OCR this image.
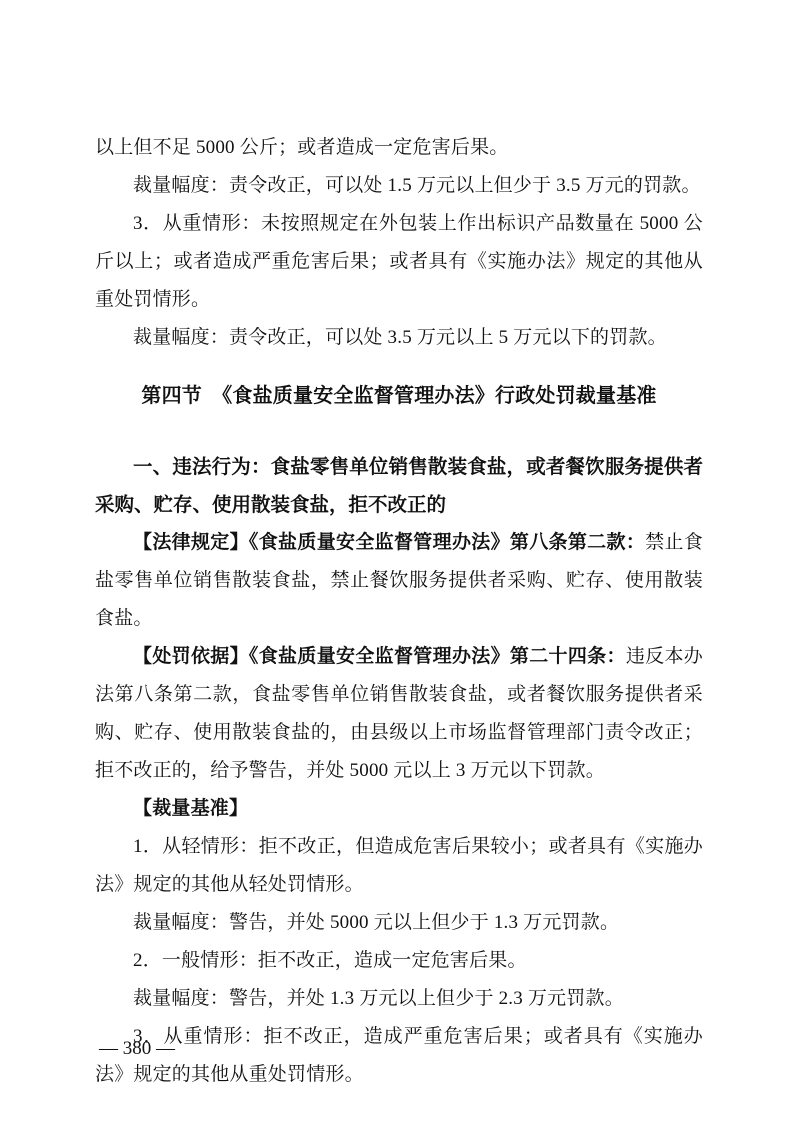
以上但不足 5000 公斤；或者造成一定危害后果。

裁量幅度：责令改正，可以处 1.5 万元以上但少于 3.5 万元的罚款。

3．从重情形：未按照规定在外包装上作出标识产品数量在 5000 公斤以上；或者造成严重危害后果；或者具有《实施办法》规定的其他从重处罚情形。

裁量幅度：责令改正，可以处 3.5 万元以上 5 万元以下的罚款。

第四节　《食盐质量安全监督管理办法》行政处罚裁量基准

一、违法行为：食盐零售单位销售散装食盐，或者餐饮服务提供者采购、贮存、使用散装食盐，拒不改正的

【法律规定】《食盐质量安全监督管理办法》第八条第二款：禁止食盐零售单位销售散装食盐，禁止餐饮服务提供者采购、贮存、使用散装食盐。

【处罚依据】《食盐质量安全监督管理办法》第二十四条：违反本办法第八条第二款，食盐零售单位销售散装食盐，或者餐饮服务提供者采购、贮存、使用散装食盐的，由县级以上市场监督管理部门责令改正；拒不改正的，给予警告，并处 5000 元以上 3 万元以下罚款。

【裁量基准】

1．从轻情形：拒不改正，但造成危害后果较小；或者具有《实施办法》规定的其他从轻处罚情形。

裁量幅度：警告，并处 5000 元以上但少于 1.3 万元罚款。

2．一般情形：拒不改正，造成一定危害后果。

裁量幅度：警告，并处 1.3 万元以上但少于 2.3 万元罚款。

3．从重情形：拒不改正，造成严重危害后果；或者具有《实施办法》规定的其他从重处罚情形。

— 380 —
